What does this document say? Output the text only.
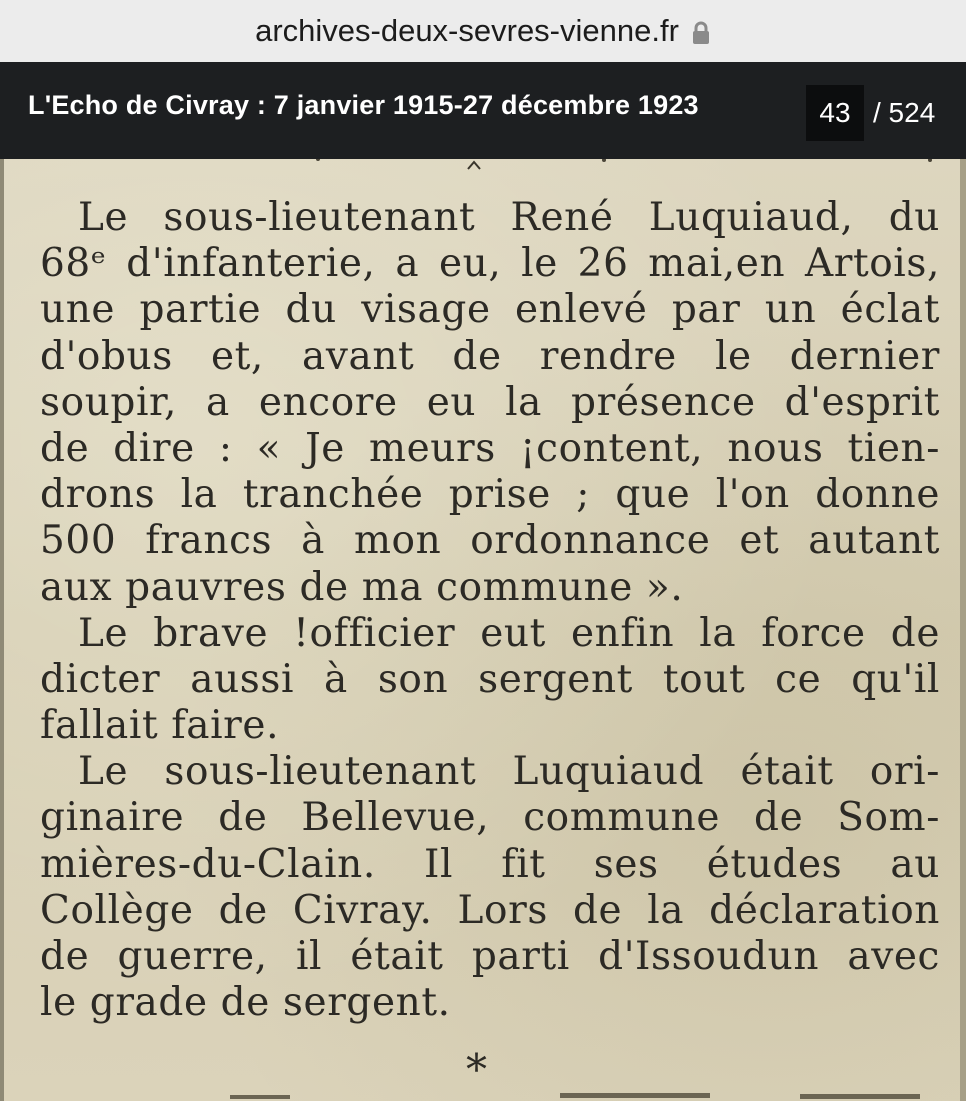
archives-deux-sevres-vienne.fr
L'Echo de Civray : 7 janvier 1915-27 décembre 1923
43	/ 524
Le sous-lieutenant René Luquiaud, du
68ᵉ d'infanterie, a eu, le 26 mai,en Artois,
une partie du visage enlevé par un éclat
d'obus et, avant de rendre le dernier
soupir, a encore eu la présence d'esprit
de dire : « Je meurs ¡content, nous tien-
drons la tranchée prise ; que l'on donne
500 francs à mon ordonnance et autant
aux pauvres de ma commune ».
Le brave !officier eut enfin la force de
dicter aussi à son sergent tout ce qu'il
fallait faire.
Le sous-lieutenant Luquiaud était ori-
ginaire de Bellevue, commune de Som-
mières-du-Clain. Il fit ses études au
Collège de Civray. Lors de la déclaration
de guerre, il était parti d'Issoudun avec
le grade de sergent.
*
